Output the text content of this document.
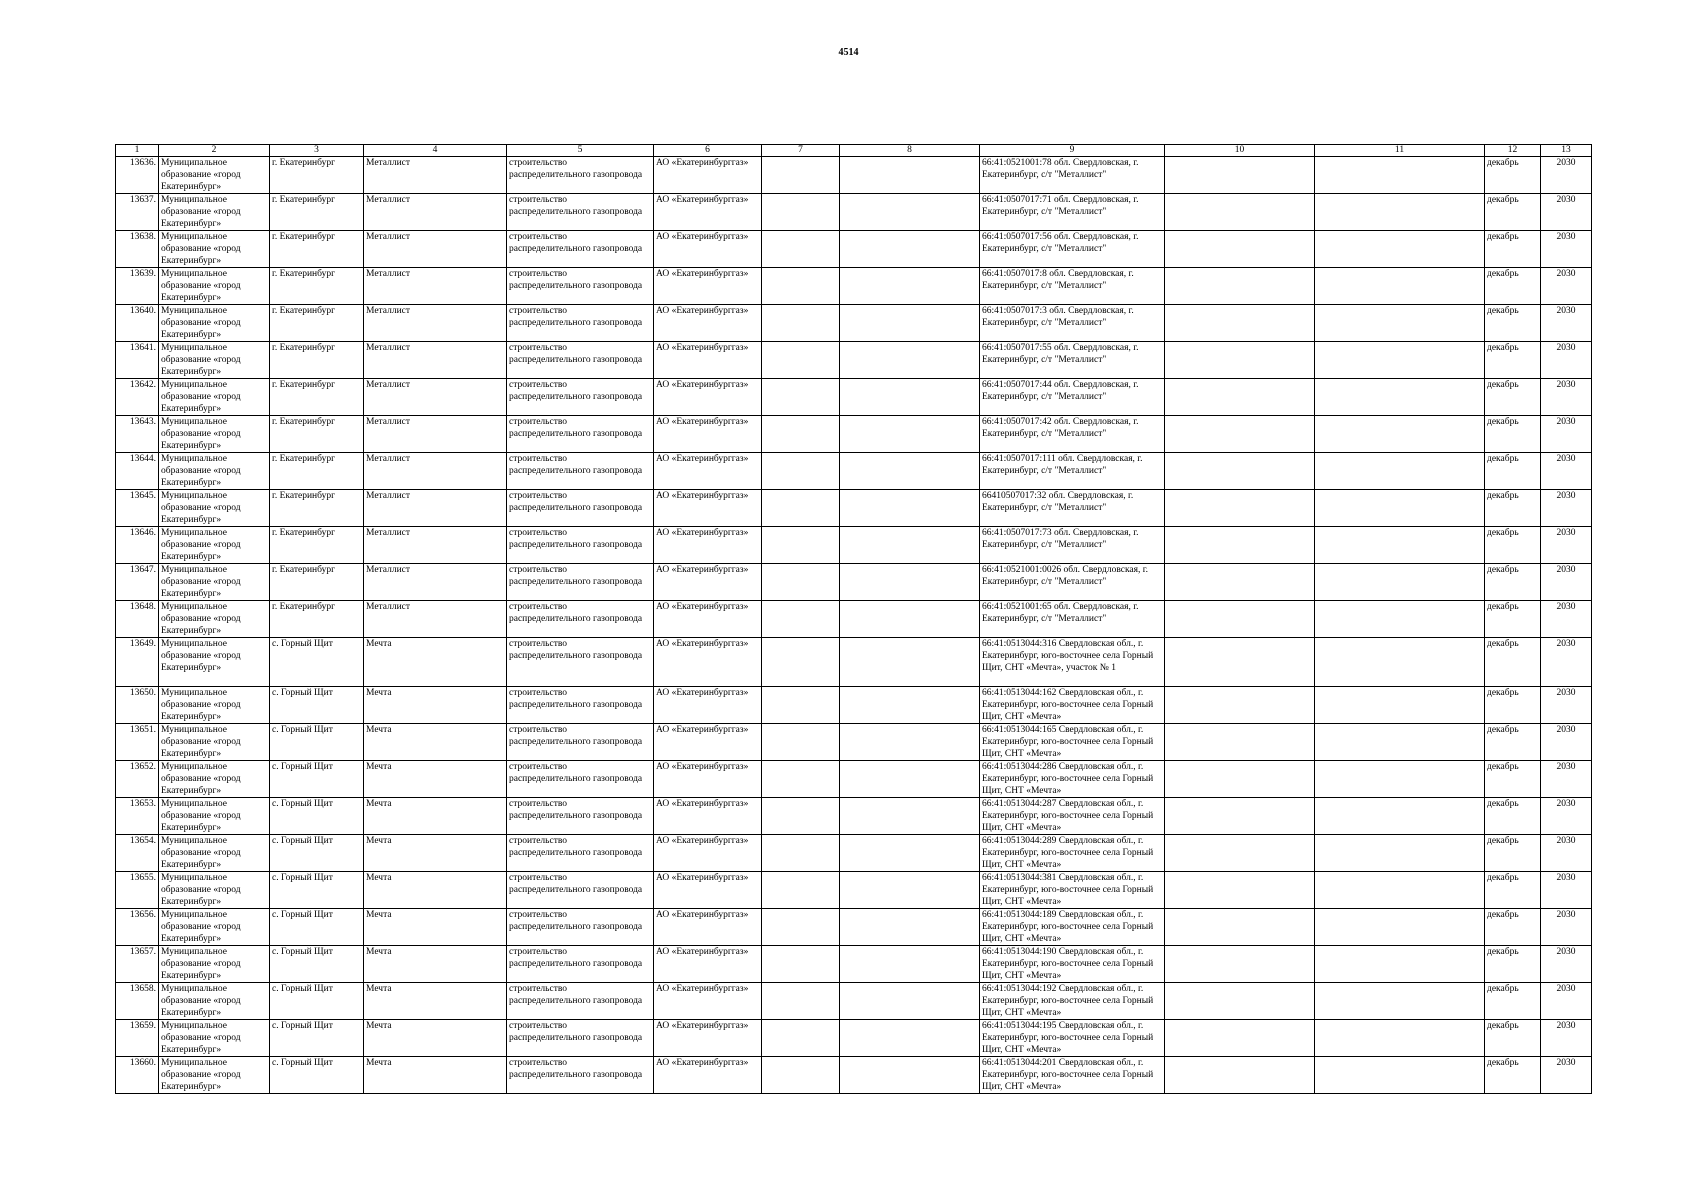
4514
1	2	3	4	5	6	7	8	9	10	11	12	13
13636.	Муниципальное образование «город Екатеринбург»	г. Екатеринбург	Металлист	строительство распределительного газопровода	АО «Екатеринбурггаз»			66:41:0521001:78 обл. Свердловская, г. Екатеринбург, с/т "Металлист"			декабрь	2030
13637.	Муниципальное образование «город Екатеринбург»	г. Екатеринбург	Металлист	строительство распределительного газопровода	АО «Екатеринбурггаз»			66:41:0507017:71 обл. Свердловская, г. Екатеринбург, с/т "Металлист"			декабрь	2030
13638.	Муниципальное образование «город Екатеринбург»	г. Екатеринбург	Металлист	строительство распределительного газопровода	АО «Екатеринбурггаз»			66:41:0507017:56 обл. Свердловская, г. Екатеринбург, с/т "Металлист"			декабрь	2030
13639.	Муниципальное образование «город Екатеринбург»	г. Екатеринбург	Металлист	строительство распределительного газопровода	АО «Екатеринбурггаз»			66:41:0507017:8 обл. Свердловская, г. Екатеринбург, с/т "Металлист"			декабрь	2030
13640.	Муниципальное образование «город Екатеринбург»	г. Екатеринбург	Металлист	строительство распределительного газопровода	АО «Екатеринбурггаз»			66:41:0507017:3 обл. Свердловская, г. Екатеринбург, с/т "Металлист"			декабрь	2030
13641.	Муниципальное образование «город Екатеринбург»	г. Екатеринбург	Металлист	строительство распределительного газопровода	АО «Екатеринбурггаз»			66:41:0507017:55 обл. Свердловская, г. Екатеринбург, с/т "Металлист"			декабрь	2030
13642.	Муниципальное образование «город Екатеринбург»	г. Екатеринбург	Металлист	строительство распределительного газопровода	АО «Екатеринбурггаз»			66:41:0507017:44 обл. Свердловская, г. Екатеринбург, с/т "Металлист"			декабрь	2030
13643.	Муниципальное образование «город Екатеринбург»	г. Екатеринбург	Металлист	строительство распределительного газопровода	АО «Екатеринбурггаз»			66:41:0507017:42 обл. Свердловская, г. Екатеринбург, с/т "Металлист"			декабрь	2030
13644.	Муниципальное образование «город Екатеринбург»	г. Екатеринбург	Металлист	строительство распределительного газопровода	АО «Екатеринбурггаз»			66:41:0507017:111 обл. Свердловская, г. Екатеринбург, с/т "Металлист"			декабрь	2030
13645.	Муниципальное образование «город Екатеринбург»	г. Екатеринбург	Металлист	строительство распределительного газопровода	АО «Екатеринбурггаз»			66410507017:32 обл. Свердловская, г. Екатеринбург, с/т "Металлист"			декабрь	2030
13646.	Муниципальное образование «город Екатеринбург»	г. Екатеринбург	Металлист	строительство распределительного газопровода	АО «Екатеринбурггаз»			66:41:0507017:73 обл. Свердловская, г. Екатеринбург, с/т "Металлист"			декабрь	2030
13647.	Муниципальное образование «город Екатеринбург»	г. Екатеринбург	Металлист	строительство распределительного газопровода	АО «Екатеринбурггаз»			66:41:0521001:0026 обл. Свердловская, г. Екатеринбург, с/т "Металлист"			декабрь	2030
13648.	Муниципальное образование «город Екатеринбург»	г. Екатеринбург	Металлист	строительство распределительного газопровода	АО «Екатеринбурггаз»			66:41:0521001:65 обл. Свердловская, г. Екатеринбург, с/т "Металлист"			декабрь	2030
13649.	Муниципальное образование «город Екатеринбург»	с. Горный Щит	Мечта	строительство распределительного газопровода	АО «Екатеринбурггаз»			66:41:0513044:316 Свердловская обл., г. Екатеринбург, юго-восточнее села Горный Щит, СНТ «Мечта», участок № 1			декабрь	2030
13650.	Муниципальное образование «город Екатеринбург»	с. Горный Щит	Мечта	строительство распределительного газопровода	АО «Екатеринбурггаз»			66:41:0513044:162 Свердловская обл., г. Екатеринбург, юго-восточнее села Горный Щит, СНТ «Мечта»			декабрь	2030
13651.	Муниципальное образование «город Екатеринбург»	с. Горный Щит	Мечта	строительство распределительного газопровода	АО «Екатеринбурггаз»			66:41:0513044:165 Свердловская обл., г. Екатеринбург, юго-восточнее села Горный Щит, СНТ «Мечта»			декабрь	2030
13652.	Муниципальное образование «город Екатеринбург»	с. Горный Щит	Мечта	строительство распределительного газопровода	АО «Екатеринбурггаз»			66:41:0513044:286 Свердловская обл., г. Екатеринбург, юго-восточнее села Горный Щит, СНТ «Мечта»			декабрь	2030
13653.	Муниципальное образование «город Екатеринбург»	с. Горный Щит	Мечта	строительство распределительного газопровода	АО «Екатеринбурггаз»			66:41:0513044:287 Свердловская обл., г. Екатеринбург, юго-восточнее села Горный Щит, СНТ «Мечта»			декабрь	2030
13654.	Муниципальное образование «город Екатеринбург»	с. Горный Щит	Мечта	строительство распределительного газопровода	АО «Екатеринбурггаз»			66:41:0513044:289 Свердловская обл., г. Екатеринбург, юго-восточнее села Горный Щит, СНТ «Мечта»			декабрь	2030
13655.	Муниципальное образование «город Екатеринбург»	с. Горный Щит	Мечта	строительство распределительного газопровода	АО «Екатеринбурггаз»			66:41:0513044:381 Свердловская обл., г. Екатеринбург, юго-восточнее села Горный Щит, СНТ «Мечта»			декабрь	2030
13656.	Муниципальное образование «город Екатеринбург»	с. Горный Щит	Мечта	строительство распределительного газопровода	АО «Екатеринбурггаз»			66:41:0513044:189 Свердловская обл., г. Екатеринбург, юго-восточнее села Горный Щит, СНТ «Мечта»			декабрь	2030
13657.	Муниципальное образование «город Екатеринбург»	с. Горный Щит	Мечта	строительство распределительного газопровода	АО «Екатеринбурггаз»			66:41:0513044:190 Свердловская обл., г. Екатеринбург, юго-восточнее села Горный Щит, СНТ «Мечта»			декабрь	2030
13658.	Муниципальное образование «город Екатеринбург»	с. Горный Щит	Мечта	строительство распределительного газопровода	АО «Екатеринбурггаз»			66:41:0513044:192 Свердловская обл., г. Екатеринбург, юго-восточнее села Горный Щит, СНТ «Мечта»			декабрь	2030
13659.	Муниципальное образование «город Екатеринбург»	с. Горный Щит	Мечта	строительство распределительного газопровода	АО «Екатеринбурггаз»			66:41:0513044:195 Свердловская обл., г. Екатеринбург, юго-восточнее села Горный Щит, СНТ «Мечта»			декабрь	2030
13660.	Муниципальное образование «город Екатеринбург»	с. Горный Щит	Мечта	строительство распределительного газопровода	АО «Екатеринбурггаз»			66:41:0513044:201 Свердловская обл., г. Екатеринбург, юго-восточнее села Горный Щит, СНТ «Мечта»			декабрь	2030
